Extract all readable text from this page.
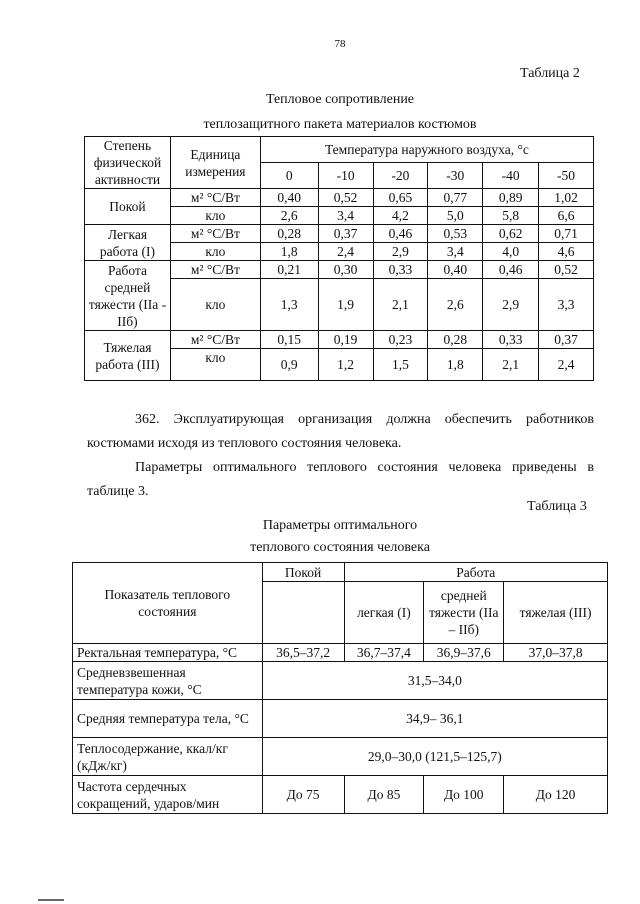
78
Таблица 2
Тепловое сопротивление
теплозащитного пакета материалов костюмов
Степень физической активности	Единица измерения	Температура наружного воздуха, °с					
		0	-10	-20	-30	-40	-50
Покой	м² °С/Вт	0,40	0,52	0,65	0,77	0,89	1,02
	кло	2,6	3,4	4,2	5,0	5,8	6,6
Легкая работа (I)	м² °С/Вт	0,28	0,37	0,46	0,53	0,62	0,71
	кло	1,8	2,4	2,9	3,4	4,0	4,6
Работа средней тяжести (IIа - IIб)	м² °С/Вт	0,21	0,30	0,33	0,40	0,46	0,52
	кло	1,3	1,9	2,1	2,6	2,9	3,3
Тяжелая работа (III)	м² °С/Вт	0,15	0,19	0,23	0,28	0,33	0,37
	кло	0,9	1,2	1,5	1,8	2,1	2,4
362. Эксплуатирующая организация должна обеспечить работников костюмами исходя из теплового состояния человека.
Параметры оптимального теплового состояния человека приведены в таблице 3.
Таблица 3
Параметры оптимального
теплового состояния человека
Показатель теплового состояния	Покой	Работа		
		легкая (I)	средней тяжести (IIа – IIб)	тяжелая (III)
Ректальная температура, °С	36,5–37,2	36,7–37,4	36,9–37,6	37,0–37,8
Средневзвешенная температура кожи, °С	31,5–34,0			
Средняя температура тела, °С	34,9– 36,1			
Теплосодержание, ккал/кг (кДж/кг)	29,0–30,0 (121,5–125,7)			
Частота сердечных сокращений, ударов/мин	До 75	До 85	До 100	До 120
